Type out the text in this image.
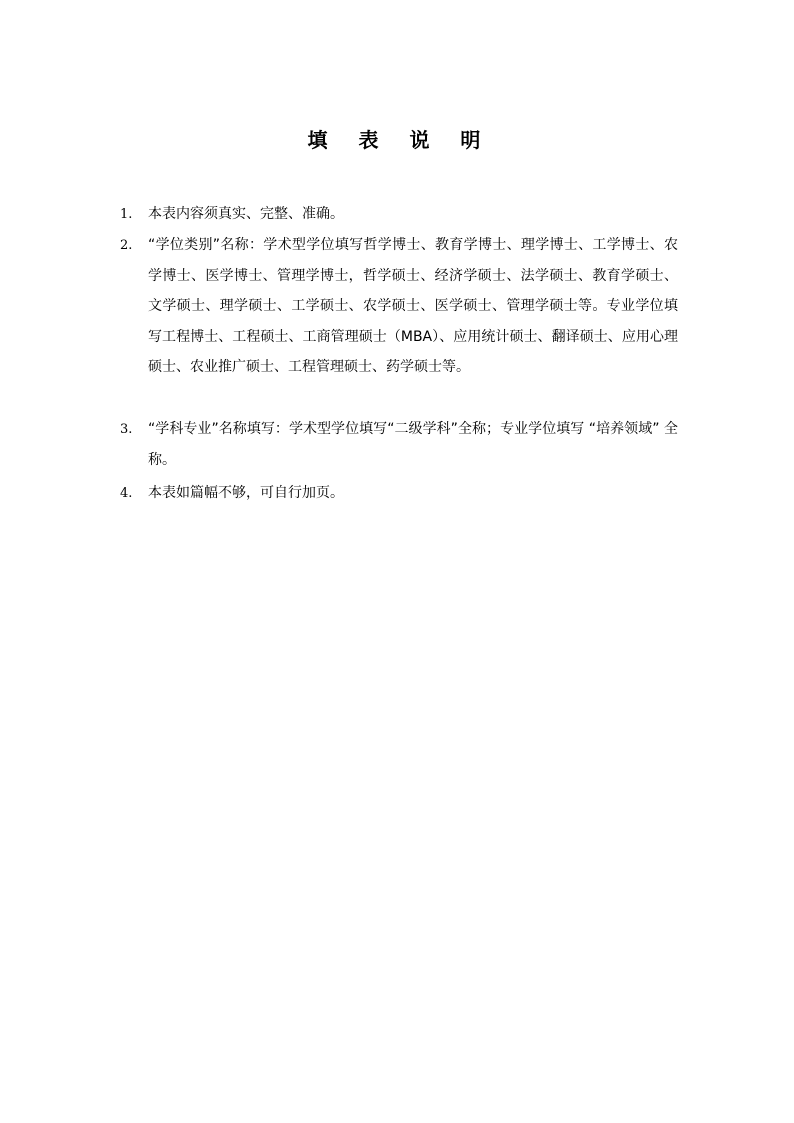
填 表 说 明
1.	本表内容须真实、完整、准确。
2.	“学位类别”名称：学术型学位填写哲学博士、教育学博士、理学博士、工学博士、农学博士、医学博士、管理学博士，哲学硕士、经济学硕士、法学硕士、教育学硕士、文学硕士、理学硕士、工学硕士、农学硕士、医学硕士、管理学硕士等。专业学位填写工程博士、工程硕士、工商管理硕士（MBA）、应用统计硕士、翻译硕士、应用心理硕士、农业推广硕士、工程管理硕士、药学硕士等。
3.	“学科专业”名称填写：学术型学位填写“二级学科”全称；专业学位填写 “培养领域” 全称。
4.	本表如篇幅不够，可自行加页。
